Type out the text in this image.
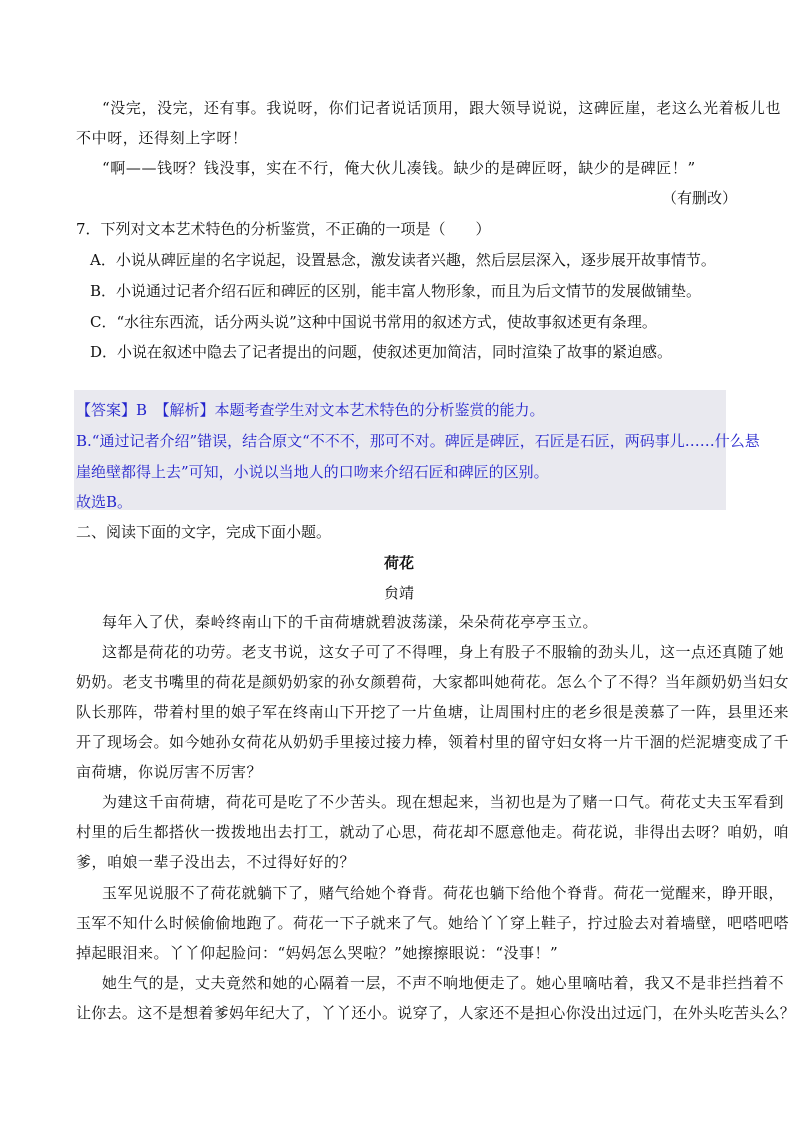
“没完，没完，还有事。我说呀，你们记者说话顶用，跟大领导说说，这碑匠崖，老这么光着板儿也
不中呀，还得刻上字呀！
“啊——钱呀？钱没事，实在不行，俺大伙儿凑钱。缺少的是碑匠呀，缺少的是碑匠！”
（有删改）
7．下列对文本艺术特色的分析鉴赏，不正确的一项是（　　）
A．小说从碑匠崖的名字说起，设置悬念，激发读者兴趣，然后层层深入，逐步展开故事情节。
B．小说通过记者介绍石匠和碑匠的区别，能丰富人物形象，而且为后文情节的发展做铺垫。
C．“水往东西流，话分两头说”这种中国说书常用的叙述方式，使故事叙述更有条理。
D．小说在叙述中隐去了记者提出的问题，使叙述更加简洁，同时渲染了故事的紧迫感。
【答案】B　【解析】本题考查学生对文本艺术特色的分析鉴赏的能力。
B.“通过记者介绍”错误，结合原文“不不不，那可不对。碑匠是碑匠，石匠是石匠，两码事儿……什么悬
崖绝壁都得上去”可知，小说以当地人的口吻来介绍石匠和碑匠的区别。
故选B。
二、阅读下面的文字，完成下面小题。
荷花
贠靖
每年入了伏，秦岭终南山下的千亩荷塘就碧波荡漾，朵朵荷花亭亭玉立。
这都是荷花的功劳。老支书说，这女子可了不得哩，身上有股子不服输的劲头儿，这一点还真随了她
奶奶。老支书嘴里的荷花是颜奶奶家的孙女颜碧荷，大家都叫她荷花。怎么个了不得？当年颜奶奶当妇女
队长那阵，带着村里的娘子军在终南山下开挖了一片鱼塘，让周围村庄的老乡很是羡慕了一阵，县里还来
开了现场会。如今她孙女荷花从奶奶手里接过接力棒，领着村里的留守妇女将一片干涸的烂泥塘变成了千
亩荷塘，你说厉害不厉害？
为建这千亩荷塘，荷花可是吃了不少苦头。现在想起来，当初也是为了赌一口气。荷花丈夫玉军看到
村里的后生都搭伙一拨拨地出去打工，就动了心思，荷花却不愿意他走。荷花说，非得出去呀？咱奶，咱
爹，咱娘一辈子没出去，不过得好好的？
玉军见说服不了荷花就躺下了，赌气给她个脊背。荷花也躺下给他个脊背。荷花一觉醒来，睁开眼，
玉军不知什么时候偷偷地跑了。荷花一下子就来了气。她给丫丫穿上鞋子，拧过脸去对着墙壁，吧嗒吧嗒
掉起眼泪来。丫丫仰起脸问：“妈妈怎么哭啦？”她擦擦眼说：“没事！”
她生气的是，丈夫竟然和她的心隔着一层，不声不响地便走了。她心里嘀咕着，我又不是非拦挡着不
让你去。这不是想着爹妈年纪大了，丫丫还小。说穿了，人家还不是担心你没出过远门，在外头吃苦头么？
